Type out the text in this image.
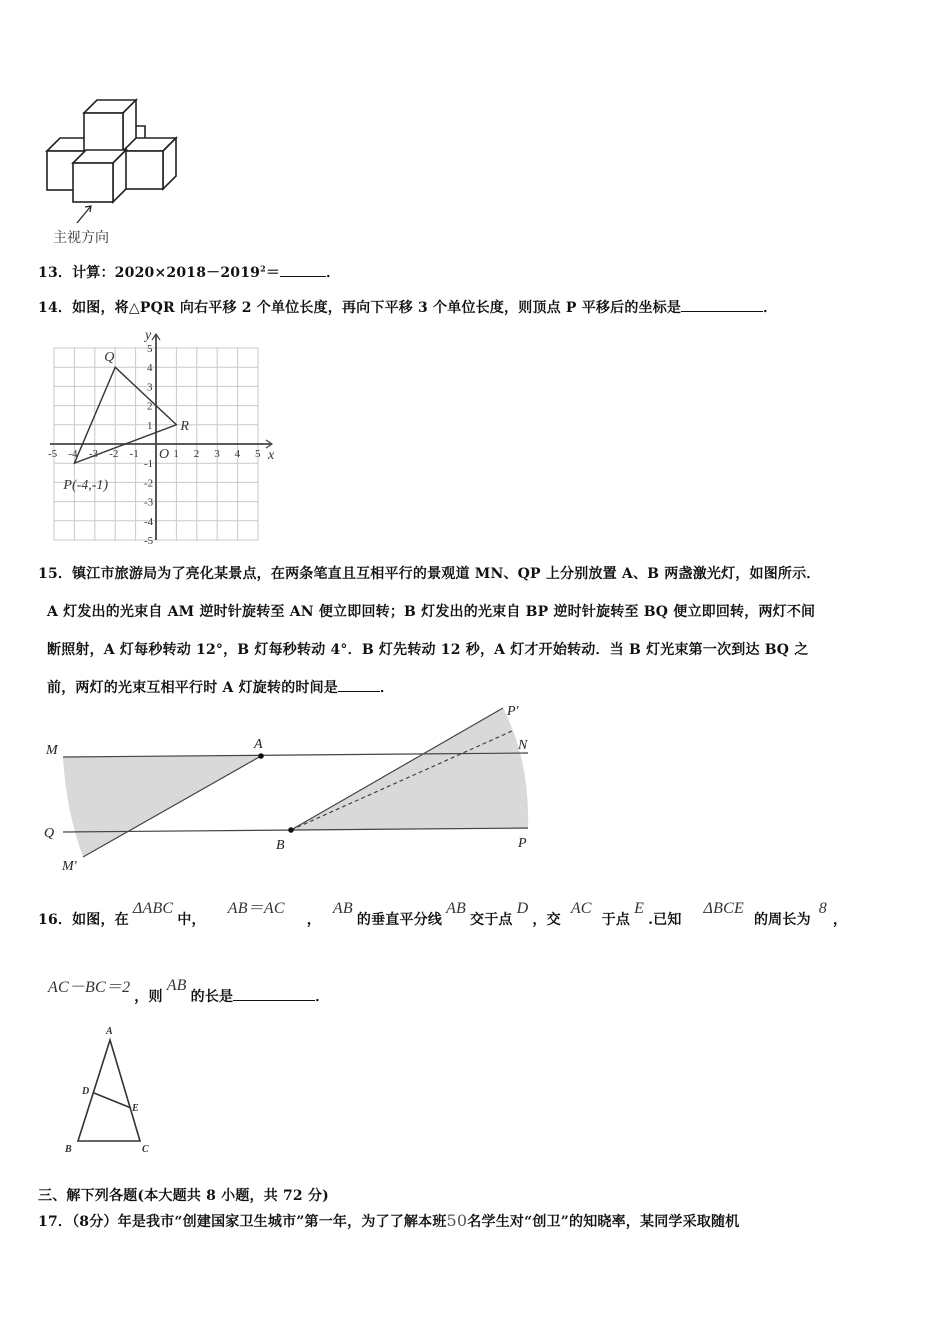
主视方向
13．计算：$2020\times 2018-2019^2=$	．
14．如图，将△PQR 向右平移 2 个单位长度，再向下平移 3 个单位长度，则顶点 P 平移后的坐标是	．
-5 -4 -3 -2 -1	1 2 3 4 5
5
4
3
2
1
-1
-2
-3
-4
-5
Q
R
P(-4,-1)
O
y
x
15．镇江市旅游局为了亮化某景点，在两条笔直且互相平行的景观道 MN、QP 上分别放置 A、B 两盏激光灯，如图所示．
A 灯发出的光束自 AM 逆时针旋转至 AN 便立即回转；B 灯发出的光束自 BP 逆时针旋转至 BQ 便立即回转，两灯不间
断照射，A 灯每秒转动 12°，B 灯每秒转动 4°．B 灯先转动 12 秒，A 灯才开始转动．当 B 灯光束第一次到达 BQ 之
前，两灯的光束互相平行时 A 灯旋转的时间是	．
M	A	N
P'
Q
B	P
M'
16．如图，在ΔABC中，AB＝AC，AB的垂直平分线AB交于点D，交AC于点E.已知ΔBCE的周长为8，
AC－BC＝2，则AB的长是	．
A
B	C
D
E
三、解下列各题(本大题共 8 小题，共 72 分)
17．（8分）年是我市“创建国家卫生城市”第一年，为了了解本班50名学生对“创卫”的知晓率，某同学采取随机
